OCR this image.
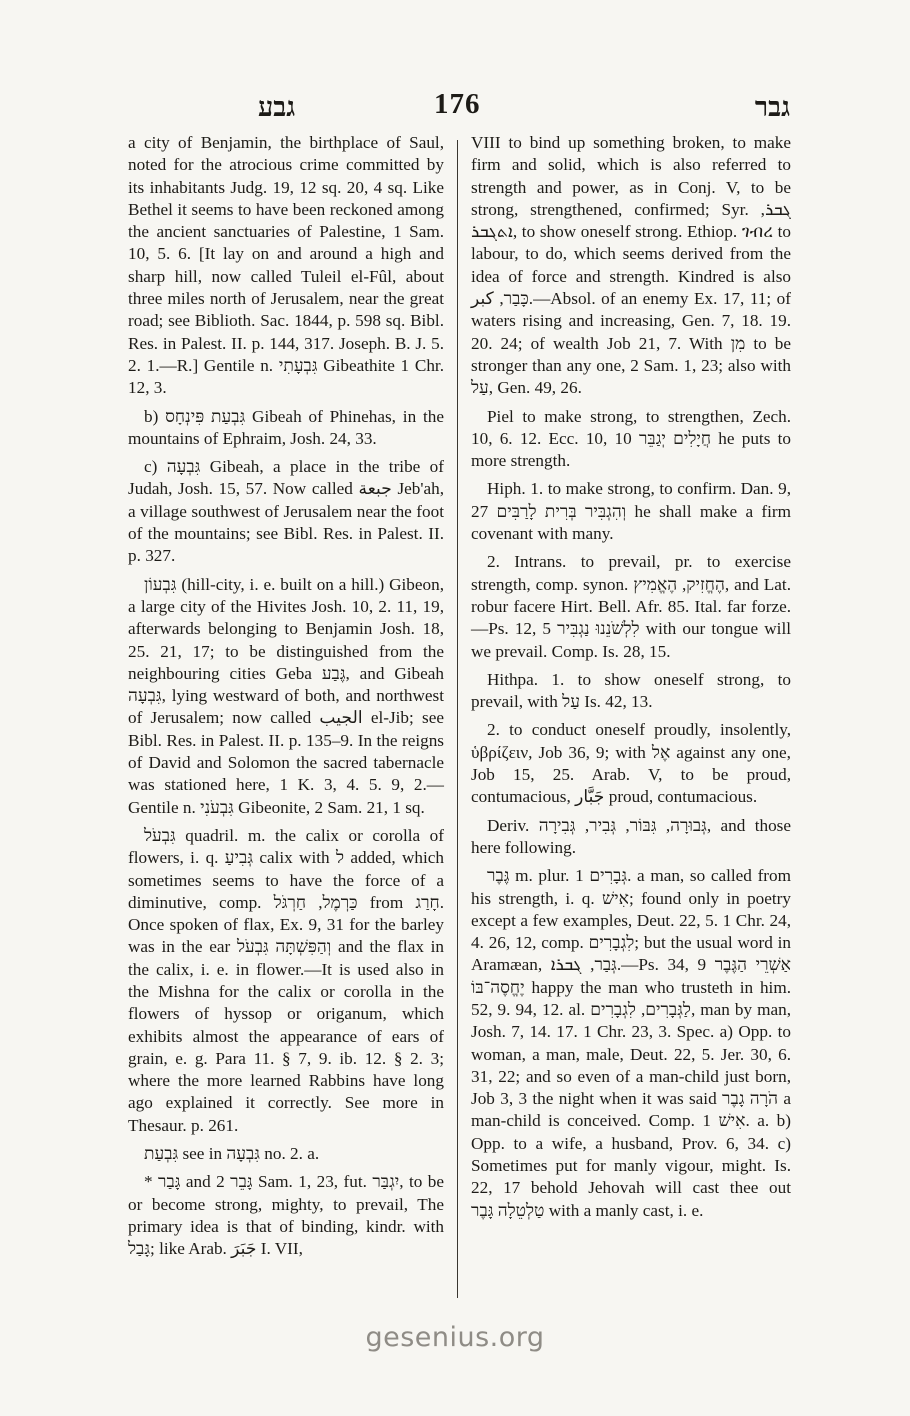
גבע	176	גבר

a city of Benjamin, the birthplace of Saul, noted for the atrocious crime committed by its inhabitants Judg. 19, 12 sq. 20, 4 sq. Like Bethel it seems to have been reckoned among the ancient sanctuaries of Palestine, 1 Sam. 10, 5. 6. [It lay on and around a high and sharp hill, now called Tuleil el-Fûl, about three miles north of Jerusalem, near the great road; see Biblioth. Sac. 1844, p. 598 sq. Bibl. Res. in Palest. II. p. 144, 317. Joseph. B. J. 5. 2. 1.—R.] Gentile n. גִּבְעָתִי Gibeathite 1 Chr. 12, 3.

b) גִּבְעַת פִּינְחָס Gibeah of Phinehas, in the mountains of Ephraim, Josh. 24, 33.

c) גִּבְעָה Gibeah, a place in the tribe of Judah, Josh. 15, 57. Now called جبعة Jeb'ah, a village southwest of Jerusalem near the foot of the mountains; see Bibl. Res. in Palest. II. p. 327.

גִּבְעוֹן (hill-city, i. e. built on a hill.) Gibeon, a large city of the Hivites Josh. 10, 2. 11, 19, afterwards belonging to Benjamin Josh. 18, 25. 21, 17; to be distinguished from the neighbouring cities Geba גֶּבַע, and Gibeah גִּבְעָה, lying westward of both, and northwest of Jerusalem; now called الجيب el-Jib; see Bibl. Res. in Palest. II. p. 135–9. In the reigns of David and Solomon the sacred tabernacle was stationed here, 1 K. 3, 4. 5. 9, 2.—Gentile n. גִּבְעֹנִי Gibeonite, 2 Sam. 21, 1 sq.

גִּבְעֹל quadril. m. the calix or corolla of flowers, i. q. גְּבִיעַ calix with ל added, which sometimes seems to have the force of a diminutive, comp. כַּרְמֶל, חַרְגֹּל from חָרַג. Once spoken of flax, Ex. 9, 31 for the barley was in the ear וְהַפִּשְׁתָּה גִּבְעֹל and the flax in the calix, i. e. in flower.—It is used also in the Mishna for the calix or corolla in the flowers of hyssop or origanum, which exhibits almost the appearance of ears of grain, e. g. Para 11. § 7, 9. ib. 12. § 2. 3; where the more learned Rabbins have long ago explained it correctly. See more in Thesaur. p. 261.

גִּבְעַת see in גִּבְעָה no. 2. a.

* גָּבַר and גָּבֵר 2 Sam. 1, 23, fut. יִגְבַּר, to be or become strong, mighty, to prevail, The primary idea is that of binding, kindr. with גָּבַל; like Arab. جَبَرَ I. VII,

VIII to bind up something broken, to make firm and solid, which is also referred to strength and power, as in Conj. V, to be strong, strengthened, confirmed; Syr. ܓܒܪ, ܐܬܓܒܪ, to show oneself strong. Ethiop. ገብረ to labour, to do, which seems derived from the idea of force and strength. Kindred is also כָּבַר, كبر.—Absol. of an enemy Ex. 17, 11; of waters rising and increasing, Gen. 7, 18. 19. 20. 24; of wealth Job 21, 7. With מִן to be stronger than any one, 2 Sam. 1, 23; also with עַל, Gen. 49, 26.

Piel to make strong, to strengthen, Zech. 10, 6. 12. Ecc. 10, 10 חֲיָלִים יְגַבֵּר he puts to more strength.

Hiph. 1. to make strong, to confirm. Dan. 9, 27 וְהִגְבִּיר בְּרִית לָרַבִּים he shall make a firm covenant with many.

2. Intrans. to prevail, pr. to exercise strength, comp. synon. הֶחֱזִיק, הֶאֱמִיץ, and Lat. robur facere Hirt. Bell. Afr. 85. Ital. far forze.—Ps. 12, 5 לִלְשֹׁנֵנוּ נַגְבִּיר with our tongue will we prevail. Comp. Is. 28, 15.

Hithpa. 1. to show oneself strong, to prevail, with עַל Is. 42, 13.

2. to conduct oneself proudly, insolently, ὑβρίζειν, Job 36, 9; with אֶל against any one, Job 15, 25. Arab. V, to be proud, contumacious, جَبَّار proud, contumacious.

Deriv. גְּבוּרָה, גִּבּוֹר, גְּבִיר, גְּבִירָה, and those here following.

גֶּבֶר m. plur. גְּבָרִים 1. a man, so called from his strength, i. q. אִישׁ; found only in poetry except a few examples, Deut. 22, 5. 1 Chr. 24, 4. 26, 12, comp. לִגְבָרִים; but the usual word in Aramæan, גְּבַר, ܓܒܪܐ.—Ps. 34, 9 אַשְׁרֵי הַגֶּבֶר יֶחֱסֶה־בּוֹ happy the man who trusteth in him. 52, 9. 94, 12. al. לַגְּבָרִים, לִגְבָרִים, man by man, Josh. 7, 14. 17. 1 Chr. 23, 3. Spec. a) Opp. to woman, a man, male, Deut. 22, 5. Jer. 30, 6. 31, 22; and so even of a man-child just born, Job 3, 3 the night when it was said הֹרָה גָבֶר a man-child is conceived. Comp. אִישׁ 1. a. b) Opp. to a wife, a husband, Prov. 6, 34. c) Sometimes put for manly vigour, might. Is. 22, 17 behold Jehovah will cast thee out טַלְטֵלָה גָּבֶר with a manly cast, i. e.

gesenius.org
